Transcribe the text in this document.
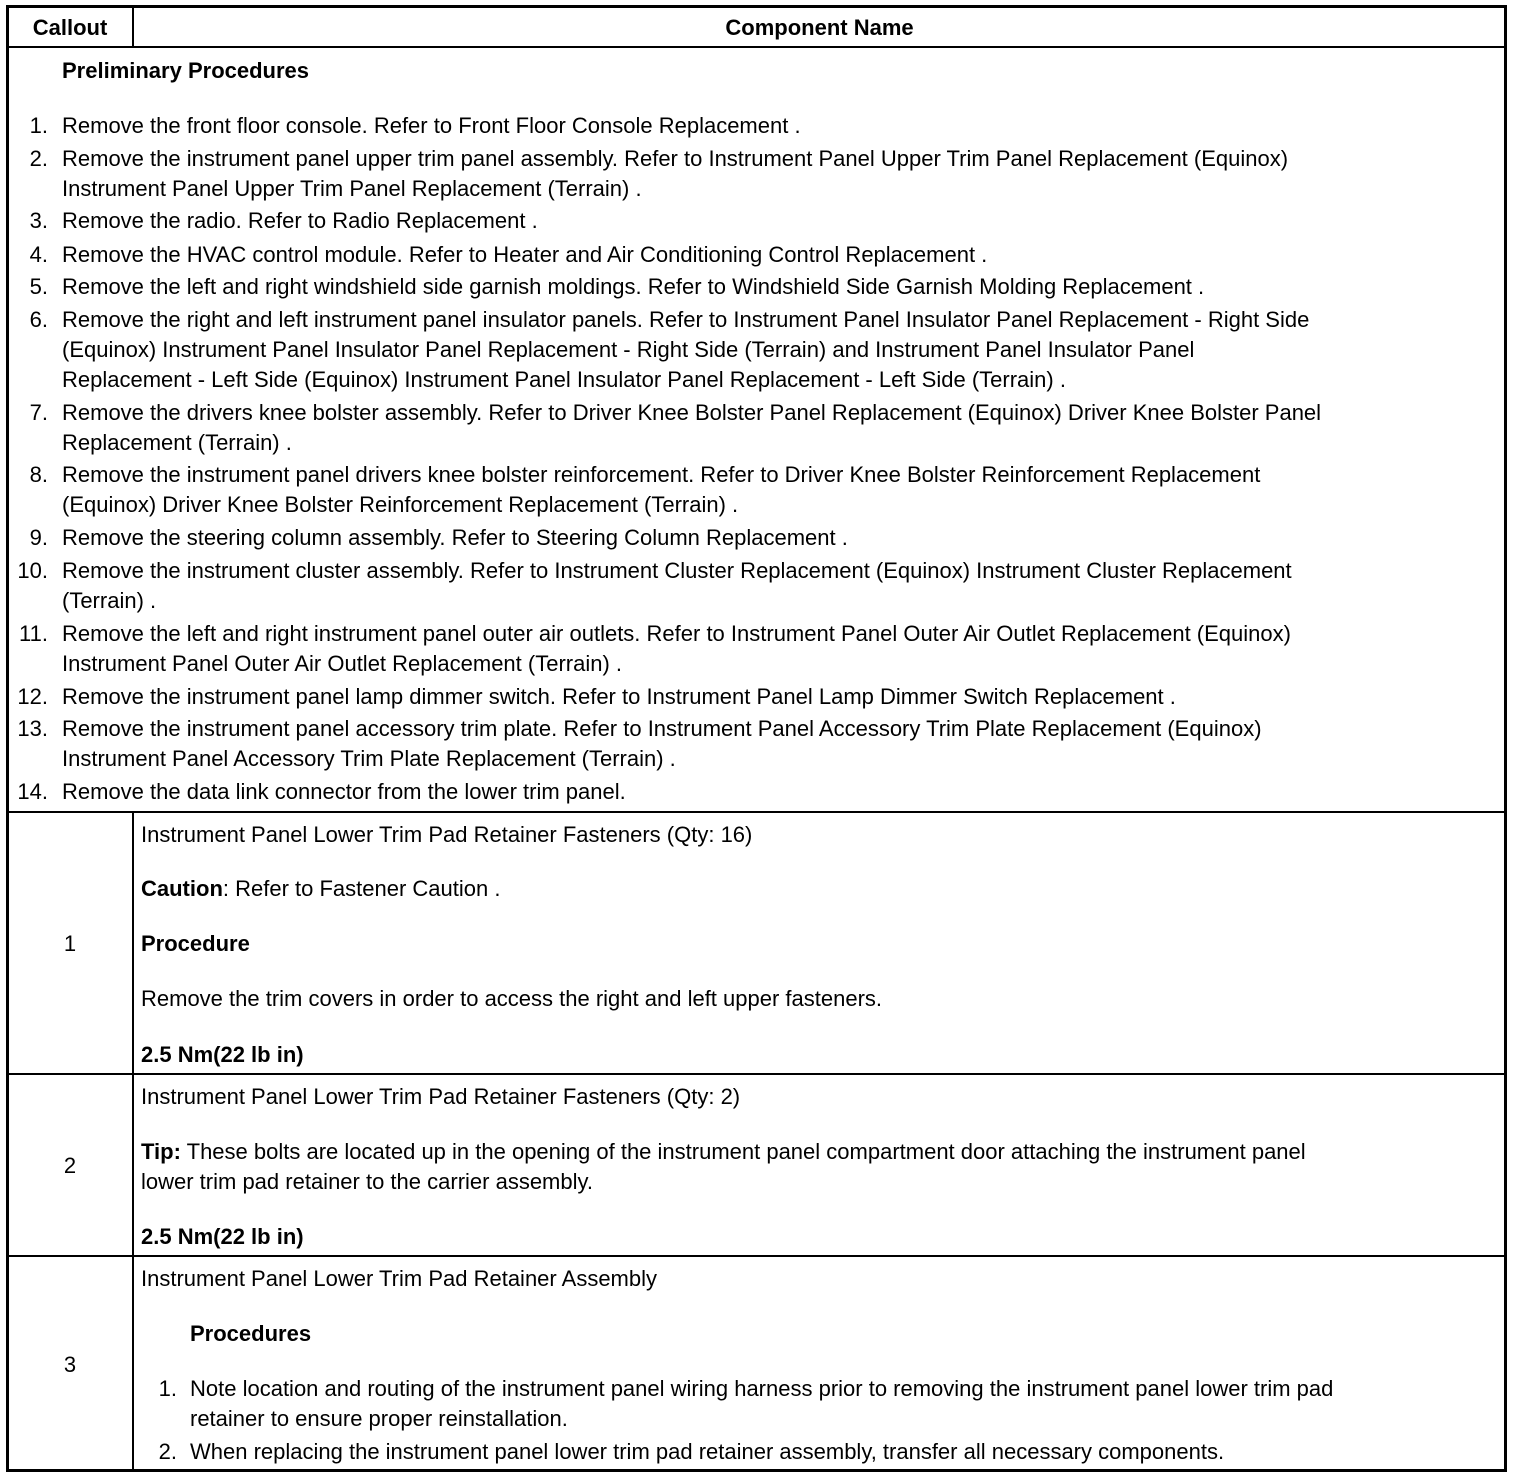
Callout	Component Name
Preliminary Procedures
1. Remove the front floor console. Refer to Front Floor Console Replacement .
2. Remove the instrument panel upper trim panel assembly. Refer to Instrument Panel Upper Trim Panel Replacement (Equinox)
Instrument Panel Upper Trim Panel Replacement (Terrain) .
3. Remove the radio. Refer to Radio Replacement .
4. Remove the HVAC control module. Refer to Heater and Air Conditioning Control Replacement .
5. Remove the left and right windshield side garnish moldings. Refer to Windshield Side Garnish Molding Replacement .
6. Remove the right and left instrument panel insulator panels. Refer to Instrument Panel Insulator Panel Replacement - Right Side
(Equinox) Instrument Panel Insulator Panel Replacement - Right Side (Terrain) and Instrument Panel Insulator Panel
Replacement - Left Side (Equinox) Instrument Panel Insulator Panel Replacement - Left Side (Terrain) .
7. Remove the drivers knee bolster assembly. Refer to Driver Knee Bolster Panel Replacement (Equinox) Driver Knee Bolster Panel
Replacement (Terrain) .
8. Remove the instrument panel drivers knee bolster reinforcement. Refer to Driver Knee Bolster Reinforcement Replacement
(Equinox) Driver Knee Bolster Reinforcement Replacement (Terrain) .
9. Remove the steering column assembly. Refer to Steering Column Replacement .
10. Remove the instrument cluster assembly. Refer to Instrument Cluster Replacement (Equinox) Instrument Cluster Replacement
(Terrain) .
11. Remove the left and right instrument panel outer air outlets. Refer to Instrument Panel Outer Air Outlet Replacement (Equinox)
Instrument Panel Outer Air Outlet Replacement (Terrain) .
12. Remove the instrument panel lamp dimmer switch. Refer to Instrument Panel Lamp Dimmer Switch Replacement .
13. Remove the instrument panel accessory trim plate. Refer to Instrument Panel Accessory Trim Plate Replacement (Equinox)
Instrument Panel Accessory Trim Plate Replacement (Terrain) .
14. Remove the data link connector from the lower trim panel.
1
Instrument Panel Lower Trim Pad Retainer Fasteners (Qty: 16)
Caution: Refer to Fastener Caution .
Procedure
Remove the trim covers in order to access the right and left upper fasteners.
2.5 Nm(22 lb in)
2
Instrument Panel Lower Trim Pad Retainer Fasteners (Qty: 2)
Tip: These bolts are located up in the opening of the instrument panel compartment door attaching the instrument panel
lower trim pad retainer to the carrier assembly.
2.5 Nm(22 lb in)
3
Instrument Panel Lower Trim Pad Retainer Assembly
Procedures
1. Note location and routing of the instrument panel wiring harness prior to removing the instrument panel lower trim pad
retainer to ensure proper reinstallation.
2. When replacing the instrument panel lower trim pad retainer assembly, transfer all necessary components.
